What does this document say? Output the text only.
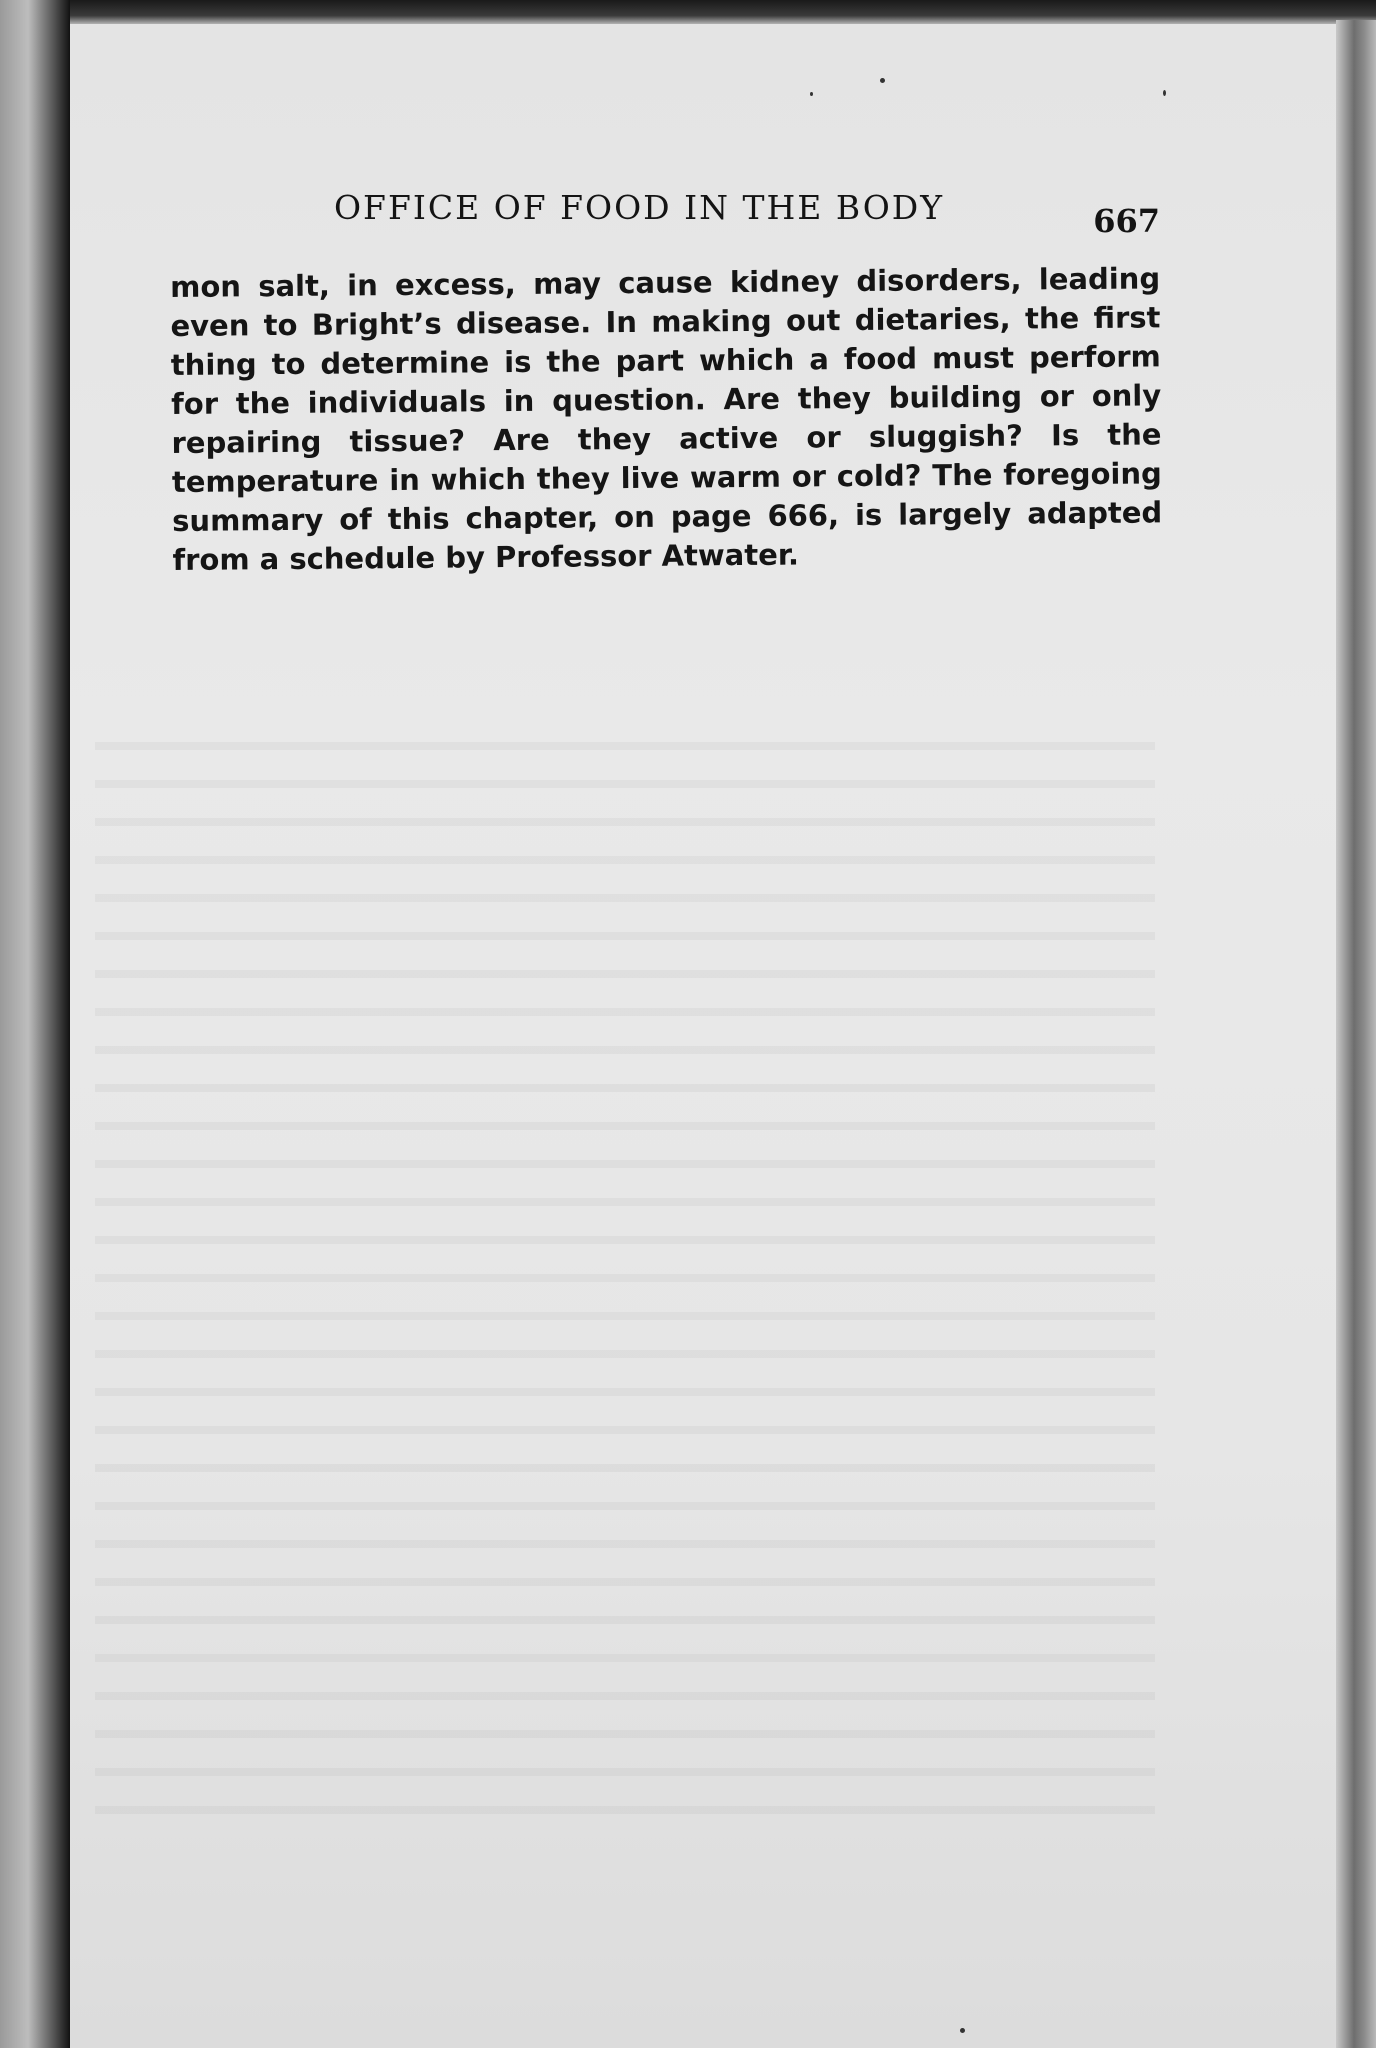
OFFICE OF FOOD IN THE BODY	667

mon salt, in excess, may cause kidney disorders, leading even to Bright’s disease. In making out dietaries, the first thing to determine is the part which a food must perform for the individuals in question. Are they building or only repairing tissue? Are they active or sluggish? Is the temperature in which they live warm or cold? The foregoing summary of this chapter, on page 666, is largely adapted from a schedule by Professor Atwater.
